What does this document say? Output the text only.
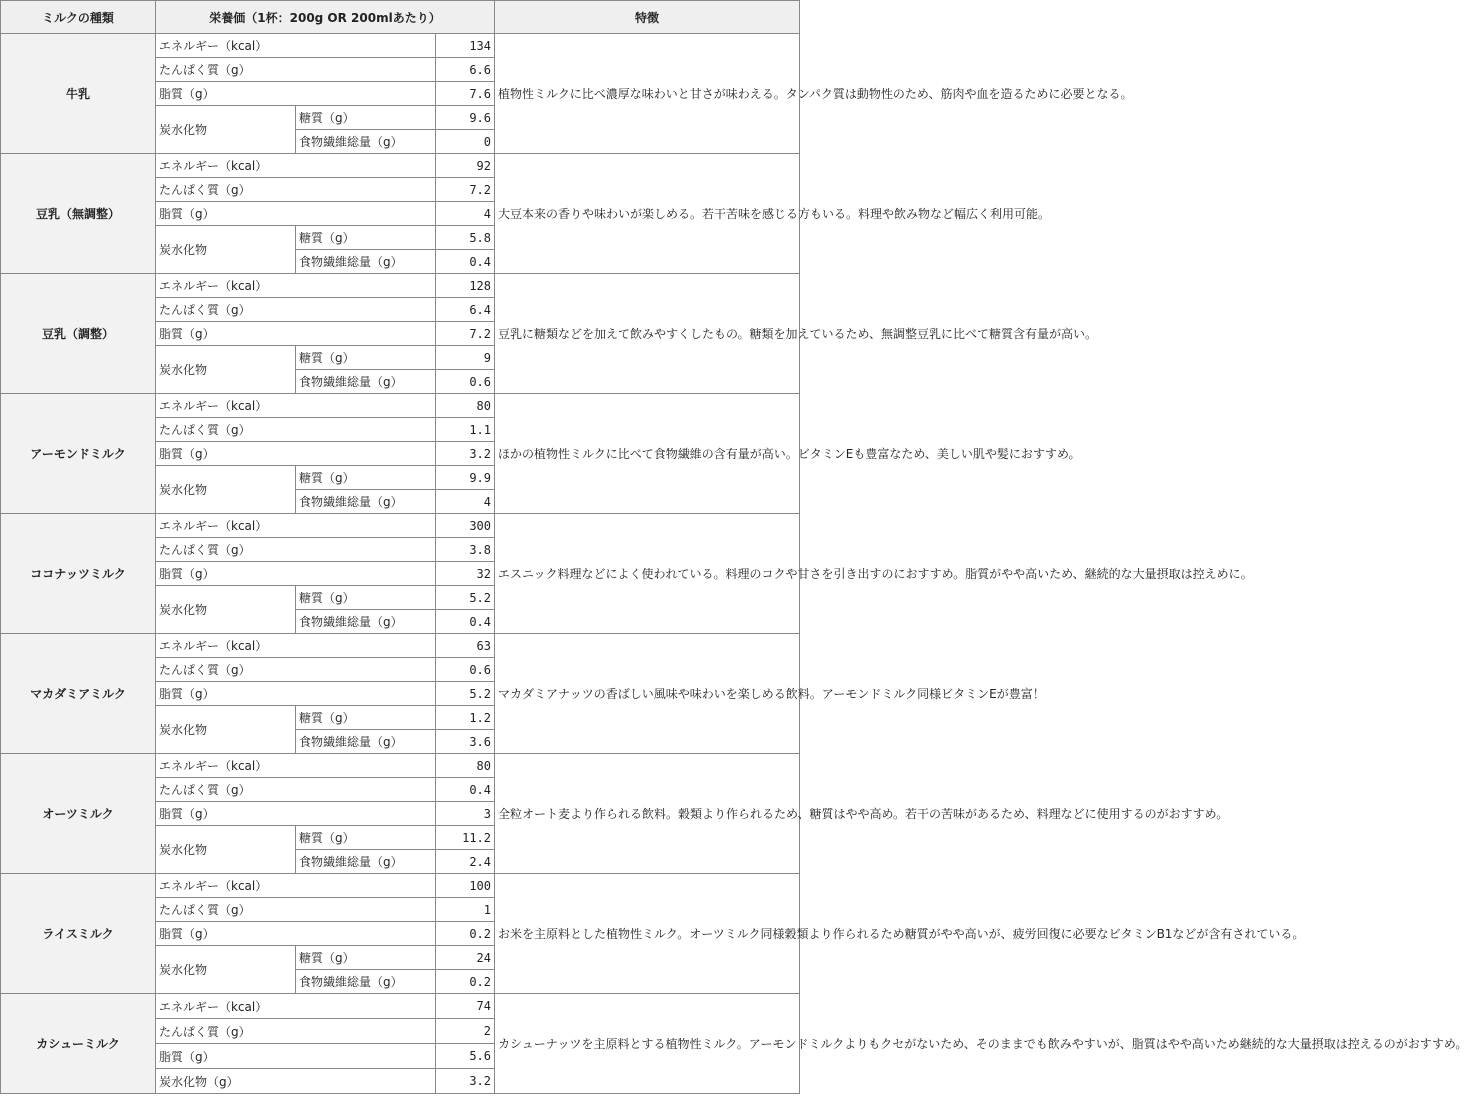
ミルクの種類	栄養価（1杯：200g OR 200mlあたり）			特徴
牛乳	エネルギー（kcal）		134	植物性ミルクに比べ濃厚な味わいと甘さが味わえる。タンパク質は動物性のため、筋肉や血を造るために必要となる。
	たんぱく質（g）		6.6	
	脂質（g）		7.6	
	炭水化物	糖質（g）	9.6	
		食物繊維総量（g）	0	
豆乳（無調整）	エネルギー（kcal）		92	大豆本来の香りや味わいが楽しめる。若干苦味を感じる方もいる。料理や飲み物など幅広く利用可能。
	たんぱく質（g）		7.2	
	脂質（g）		4	
	炭水化物	糖質（g）	5.8	
		食物繊維総量（g）	0.4	
豆乳（調整）	エネルギー（kcal）		128	豆乳に糖類などを加えて飲みやすくしたもの。糖類を加えているため、無調整豆乳に比べて糖質含有量が高い。
	たんぱく質（g）		6.4	
	脂質（g）		7.2	
	炭水化物	糖質（g）	9	
		食物繊維総量（g）	0.6	
アーモンドミルク	エネルギー（kcal）		80	ほかの植物性ミルクに比べて食物繊維の含有量が高い。ビタミンEも豊富なため、美しい肌や髪におすすめ。
	たんぱく質（g）		1.1	
	脂質（g）		3.2	
	炭水化物	糖質（g）	9.9	
		食物繊維総量（g）	4	
ココナッツミルク	エネルギー（kcal）		300	エスニック料理などによく使われている。料理のコクや甘さを引き出すのにおすすめ。脂質がやや高いため、継続的な大量摂取は控えめに。
	たんぱく質（g）		3.8	
	脂質（g）		32	
	炭水化物	糖質（g）	5.2	
		食物繊維総量（g）	0.4	
マカダミアミルク	エネルギー（kcal）		63	マカダミアナッツの香ばしい風味や味わいを楽しめる飲料。アーモンドミルク同様ビタミンEが豊富！
	たんぱく質（g）		0.6	
	脂質（g）		5.2	
	炭水化物	糖質（g）	1.2	
		食物繊維総量（g）	3.6	
オーツミルク	エネルギー（kcal）		80	全粒オート麦より作られる飲料。穀類より作られるため、糖質はやや高め。若干の苦味があるため、料理などに使用するのがおすすめ。
	たんぱく質（g）		0.4	
	脂質（g）		3	
	炭水化物	糖質（g）	11.2	
		食物繊維総量（g）	2.4	
ライスミルク	エネルギー（kcal）		100	お米を主原料とした植物性ミルク。オーツミルク同様穀類より作られるため糖質がやや高いが、疲労回復に必要なビタミンB1などが含有されている。
	たんぱく質（g）		1	
	脂質（g）		0.2	
	炭水化物	糖質（g）	24	
		食物繊維総量（g）	0.2	
カシューミルク	エネルギー（kcal）		74	カシューナッツを主原料とする植物性ミルク。アーモンドミルクよりもクセがないため、そのままでも飲みやすいが、脂質はやや高いため継続的な大量摂取は控えるのがおすすめ。
	たんぱく質（g）		2	
	脂質（g）		5.6	
	炭水化物（g）		3.2	
